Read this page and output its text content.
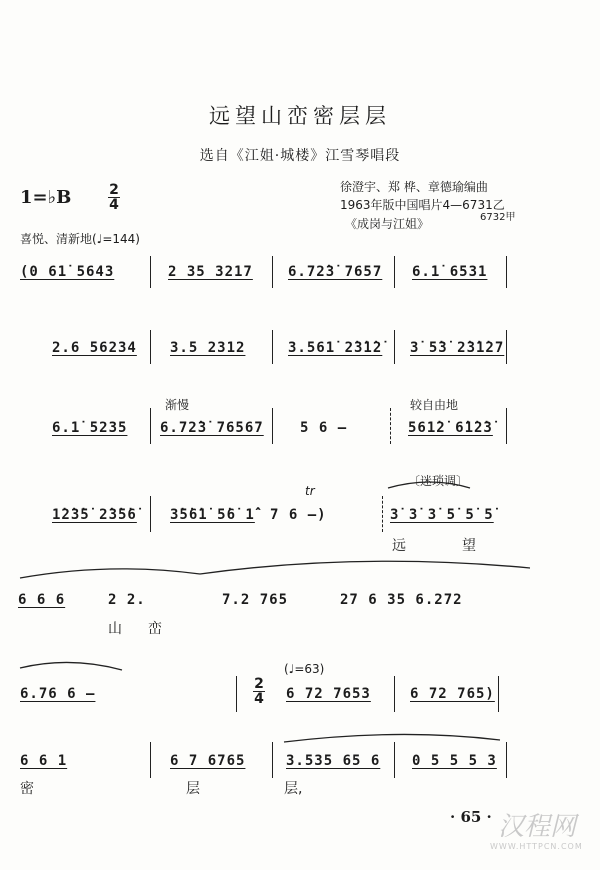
远望山峦密层层
选自《江姐·城楼》江雪琴唱段
徐澄宇、郑 桦、章德瑜编曲
1963年版中国唱片4—6731乙
6732甲
《成岗与江姐》
1=♭B	2
4
喜悦、清新地(♩=144)
(0 61̇ 5643	2 35 3217	6.72̇3̇ 7657 6.1̇ 6531
2.6 56234 3.5 2312	3.561̇ 2̇3̇1̇2̇ 3̇ 5̇3̇ 2̇3̇1̇27
渐慢	较自由地
6.1̇ 5235 6.72̇3̇ 76567	5 6 —	561̇2̇ 6̇1̇2̇3̇
〔迷琐调〕
tr
1̇2̇3̇5̇ 2̇3̇5̇6̇ 3̇5̇6̇1̇ 5̇6̇ 1̇̂ 7 6 —)	3̇ 3̇ 3̇ 5̇ 5̇ 5̇
远	望
6 6 6	2 2.	7.2 765	27 6 35 6.272
山 峦
(♩=63)
6.76 6 —
2
4 6 72 7653	6 72 765)
6 6 1	6 7 6765	3.535 65 6 0 5 5 5 3
密	层	层,
· 65 · 汉程网
WWW.HTTPCN.COM
